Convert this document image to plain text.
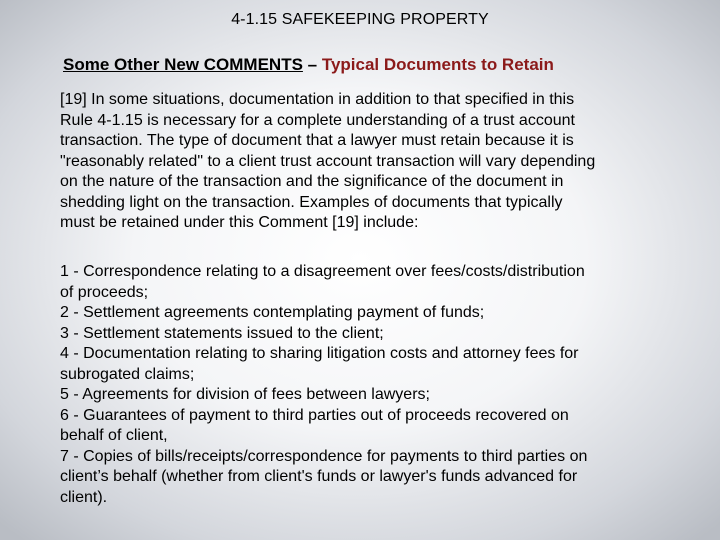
4-1.15 SAFEKEEPING PROPERTY
Some Other New COMMENTS – Typical Documents to Retain
[19] In some situations, documentation in addition to that specified in this
Rule 4-1.15 is necessary for a complete understanding of a trust account
transaction. The type of document that a lawyer must retain because it is
"reasonably related" to a client trust account transaction will vary depending
on the nature of the transaction and the significance of the document in
shedding light on the transaction. Examples of documents that typically
must be retained under this Comment [19] include:
1 - Correspondence relating to a disagreement over fees/costs/distribution
of proceeds;
2 - Settlement agreements contemplating payment of funds;
3 - Settlement statements issued to the client;
4 - Documentation relating to sharing litigation costs and attorney fees for
subrogated claims;
5 - Agreements for division of fees between lawyers;
6 - Guarantees of payment to third parties out of proceeds recovered on
behalf of client,
7 - Copies of bills/receipts/correspondence for payments to third parties on
client’s behalf (whether from client's funds or lawyer's funds advanced for
client).
